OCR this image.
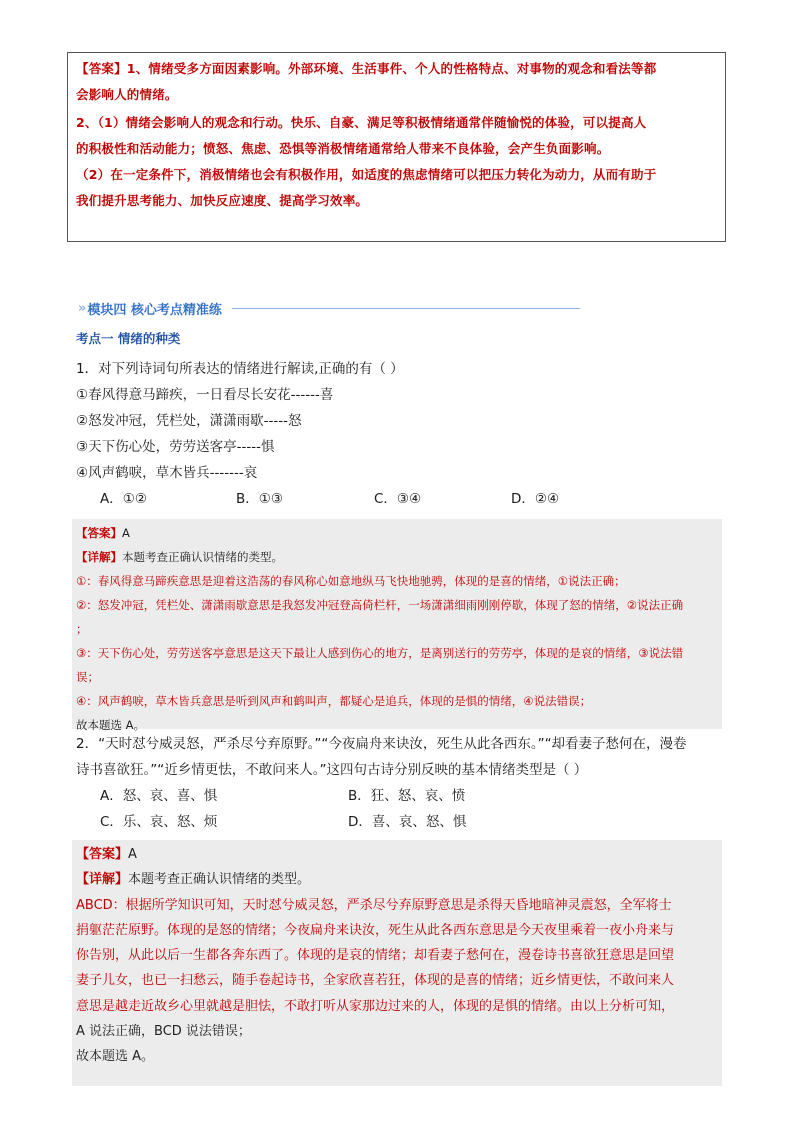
【答案】1、情绪受多方面因素影响。外部环境、生活事件、个人的性格特点、对事物的观念和看法等都

会影响人的情绪。

2、（1）情绪会影响人的观念和行动。快乐、自豪、满足等积极情绪通常伴随愉悦的体验，可以提高人

的积极性和活动能力；愤怒、焦虑、恐惧等消极情绪通常给人带来不良体验，会产生负面影响。

（2）在一定条件下，消极情绪也会有积极作用，如适度的焦虑情绪可以把压力转化为动力，从而有助于

我们提升思考能力、加快反应速度、提高学习效率。

» 模块四 核心考点精准练
考点一 情绪的种类

1．对下列诗词句所表达的情绪进行解读,正确的有（ ）

①春风得意马蹄疾，一日看尽长安花------喜

②怒发冲冠，凭栏处，潇潇雨歇-----怒

③天下伤心处，劳劳送客亭-----惧

④风声鹤唳，草木皆兵-------哀

A．①②	B．①③	C．③④	D．②④

【答案】A

【详解】本题考查正确认识情绪的类型。

①：春风得意马蹄疾意思是迎着这浩荡的春风称心如意地纵马飞快地驰骋，体现的是喜的情绪，①说法正确；

②：怒发冲冠，凭栏处、潇潇雨歇意思是我怒发冲冠登高倚栏杆，一场潇潇细雨刚刚停歇，体现了怒的情绪，②说法正确

；

③：天下伤心处，劳劳送客亭意思是这天下最让人感到伤心的地方，是离别送行的劳劳亭，体现的是哀的情绪，③说法错

误；

④：风声鹤唳，草木皆兵意思是听到风声和鹤叫声，都疑心是追兵，体现的是惧的情绪，④说法错误；

故本题选 A。

2．“天时怼兮威灵怒，严杀尽兮弃原野。”“今夜扁舟来诀汝，死生从此各西东。”“却看妻子愁何在，漫卷

诗书喜欲狂。”“近乡情更怯，不敢问来人。”这四句古诗分别反映的基本情绪类型是（ ）

A．怒、哀、喜、惧	B．狂、怒、哀、愤
C．乐、哀、怒、烦	D．喜、哀、怒、惧

【答案】A

【详解】本题考查正确认识情绪的类型。

ABCD：根据所学知识可知，天时怼兮威灵怒，严杀尽兮弃原野意思是杀得天昏地暗神灵震怒，全军将士

捐躯茫茫原野。体现的是怒的情绪；今夜扁舟来诀汝，死生从此各西东意思是今天夜里乘着一夜小舟来与

你告别，从此以后一生都各奔东西了。体现的是哀的情绪；却看妻子愁何在，漫卷诗书喜欲狂意思是回望

妻子儿女，也已一扫愁云，随手卷起诗书，全家欣喜若狂，体现的是喜的情绪；近乡情更怯，不敢问来人

意思是越走近故乡心里就越是胆怯，不敢打听从家那边过来的人，体现的是惧的情绪。由以上分析可知，

A 说法正确，BCD 说法错误；

故本题选 A。
